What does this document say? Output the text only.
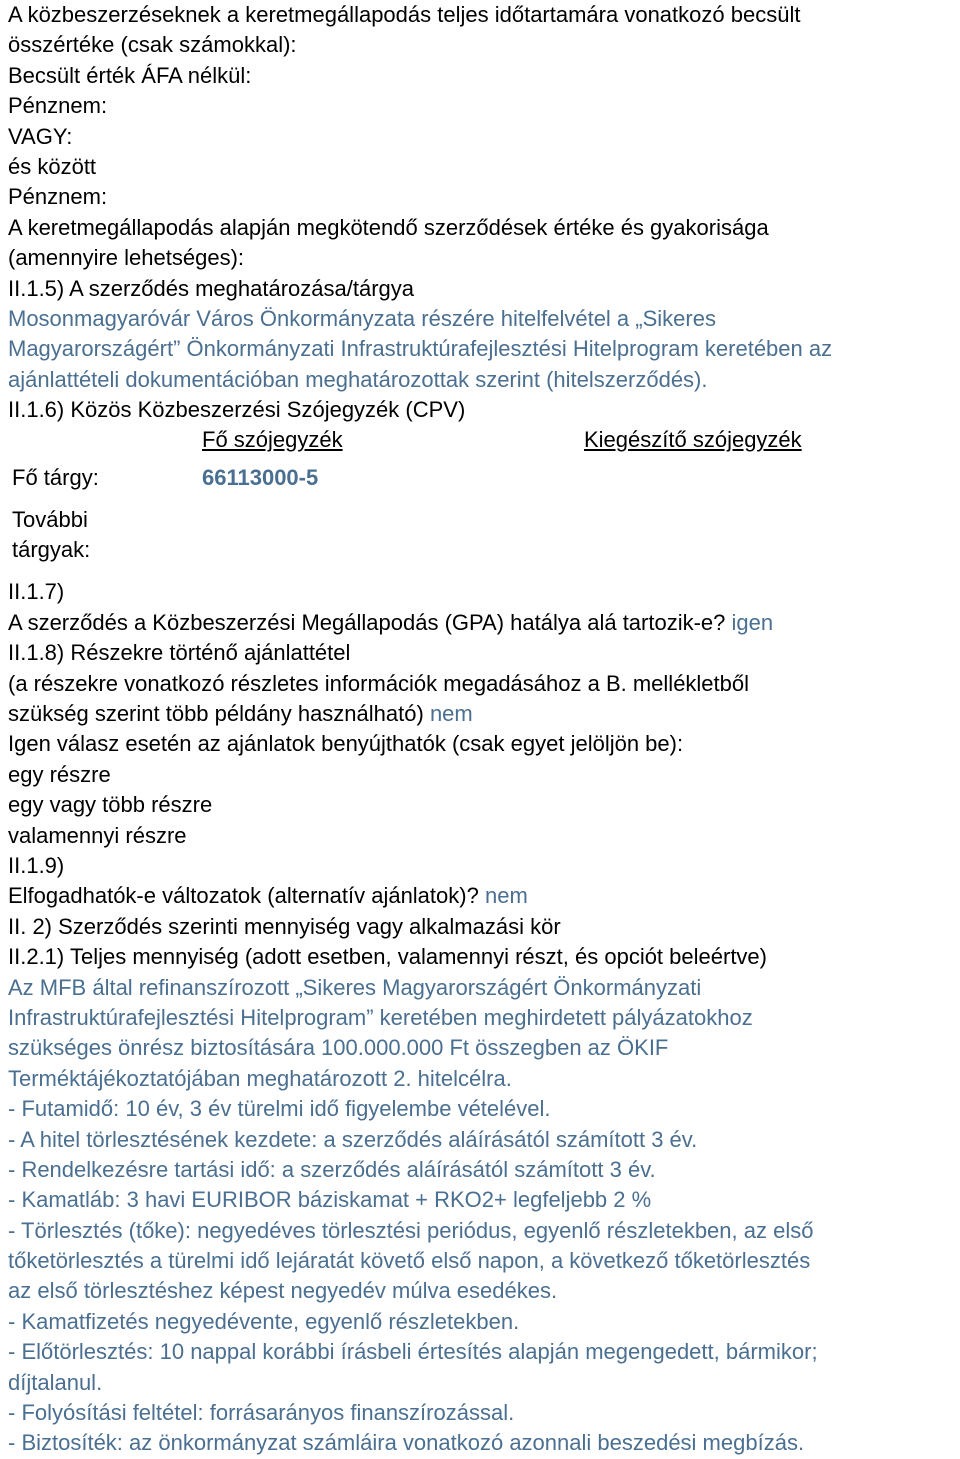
A közbeszerzéseknek a keretmegállapodás teljes időtartamára vonatkozó becsült
összértéke (csak számokkal):
Becsült érték ÁFA nélkül:
Pénznem:
VAGY:
és között
Pénznem:
A keretmegállapodás alapján megkötendő szerződések értéke és gyakorisága
(amennyire lehetséges):
II.1.5) A szerződés meghatározása/tárgya
Mosonmagyaróvár Város Önkormányzata részére hitelfelvétel a „Sikeres
Magyarországért” Önkormányzati Infrastruktúrafejlesztési Hitelprogram keretében az
ajánlattételi dokumentációban meghatározottak szerint (hitelszerződés).
II.1.6) Közös Közbeszerzési Szójegyzék (CPV)
Fő szójegyzék	Kiegészítő szójegyzék
Fő tárgy:	66113000-5
További tárgyak:
II.1.7)
A szerződés a Közbeszerzési Megállapodás (GPA) hatálya alá tartozik-e? igen
II.1.8) Részekre történő ajánlattétel
(a részekre vonatkozó részletes információk megadásához a B. mellékletből
szükség szerint több példány használható) nem
Igen válasz esetén az ajánlatok benyújthatók (csak egyet jelöljön be):
egy részre
egy vagy több részre
valamennyi részre
II.1.9)
Elfogadhatók-e változatok (alternatív ajánlatok)? nem
II. 2) Szerződés szerinti mennyiség vagy alkalmazási kör
II.2.1) Teljes mennyiség (adott esetben, valamennyi részt, és opciót beleértve)
Az MFB által refinanszírozott „Sikeres Magyarországért Önkormányzati
Infrastruktúrafejlesztési Hitelprogram” keretében meghirdetett pályázatokhoz
szükséges önrész biztosítására 100.000.000 Ft összegben az ÖKIF
Terméktájékoztatójában meghatározott 2. hitelcélra.
- Futamidő: 10 év, 3 év türelmi idő figyelembe vételével.
- A hitel törlesztésének kezdete: a szerződés aláírásától számított 3 év.
- Rendelkezésre tartási idő: a szerződés aláírásától számított 3 év.
- Kamatláb: 3 havi EURIBOR báziskamat + RKO2+ legfeljebb 2 %
- Törlesztés (tőke): negyedéves törlesztési periódus, egyenlő részletekben, az első
tőketörlesztés a türelmi idő lejáratát követő első napon, a következő tőketörlesztés
az első törlesztéshez képest negyedév múlva esedékes.
- Kamatfizetés negyedévente, egyenlő részletekben.
- Előtörlesztés: 10 nappal korábbi írásbeli értesítés alapján megengedett, bármikor;
díjtalanul.
- Folyósítási feltétel: forrásarányos finanszírozással.
- Biztosíték: az önkormányzat számláira vonatkozó azonnali beszedési megbízás.
